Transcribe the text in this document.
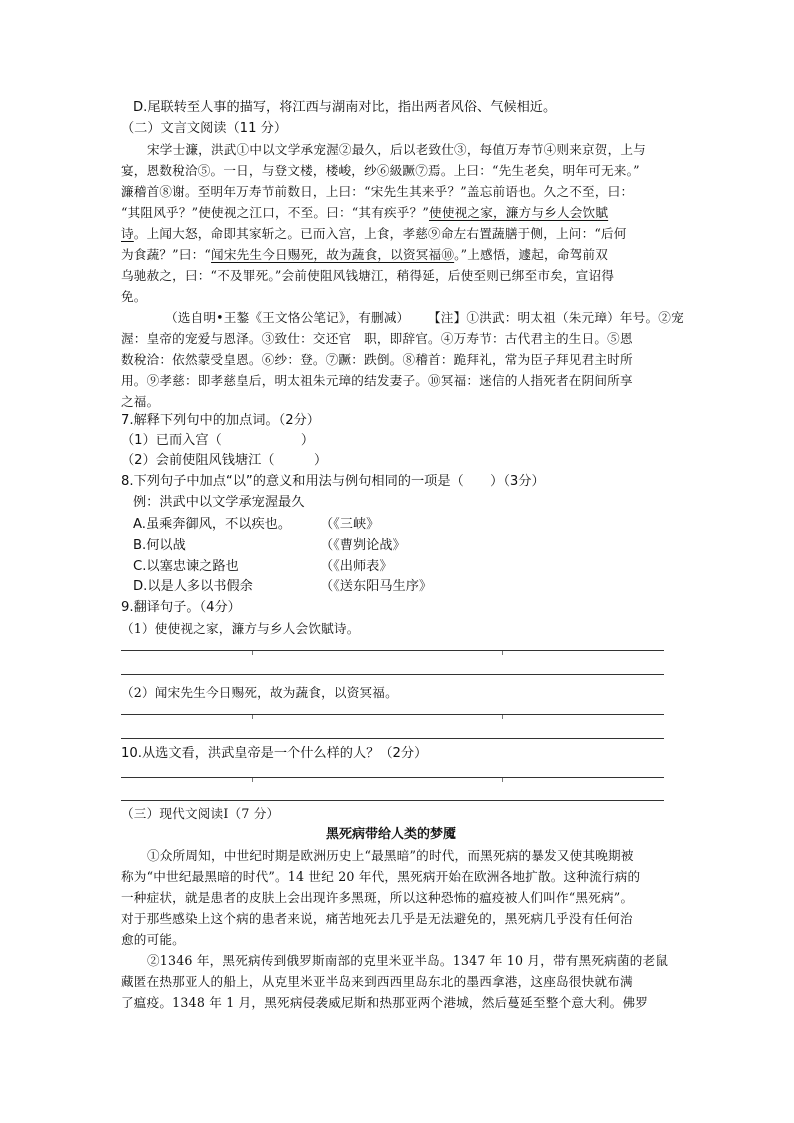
D.尾联转至人事的描写，将江西与湖南对比，指出两者风俗、气候相近。
（二）文言文阅读（11 分）
宋学士濂，洪武①中以文学承宠渥②最久，后以老致仕③，每值万寿节④则来京贺，上与
宴，恩数稅洽⑤。一日，与登文楼，楼峻，纱⑥級蹶⑦焉。上曰：“先生老矣，明年可无来。”
濂稽首⑧谢。至明年万寿节前数日，上曰：“宋先生其来乎？”盖忘前语也。久之不至，曰：
“其阻风乎？”使使视之江口，不至。曰：“其有疾乎？”使使视之家，濂方与乡人会饮賦
诗。上闻大怒，命即其家斩之。已而入宫，上食，孝慈⑨命左右置蔬膳于侧，上问：“后何
为食蔬？”曰：“闻宋先生今日赐死，故为蔬食，以资冥福⑩。”上感悟，遽起，命驾前双
乌驰赦之，曰：“不及罪死。”会前使阻风钱塘江，稍得延，后使至则已绑至市矣，宣诏得
免。
（选自明•王鏊《王文恪公笔记》，有删减） 【注】①洪武：明太祖（朱元璋）年号。②宠
渥：皇帝的宠爱与恩泽。③致仕：交还官　职，即辞官。④万寿节：古代君主的生日。⑤恩
数稅洽：依然蒙受皇恩。⑥纱：登。⑦蹶：跌倒。⑧稽首：跪拜礼，常为臣子拜见君主时所
用。⑨孝慈：即孝慈皇后，明太祖朱元璋的结发妻子。⑩冥福：迷信的人指死者在阴间所享
之福。
7.解释下列句中的加点词。（2分）
（1）已而入宫（　　　　　　）
（2）会前使阻风钱塘江（　　　）
8.下列句子中加点“以”的意义和用法与例句相同的一项是（　　）（3分）
例：洪武中以文学承宠渥最久
A.虽乘奔御风，不以疾也。 （《三峡》
B.何以战	（《曹刿论战》
C.以塞忠谏之路也	（《出师表》
D.以是人多以书假余	（《送东阳马生序》
9.翻译句子。（4分）
（1）使使视之家，濂方与乡人会饮賦诗。
（2）闻宋先生今日赐死，故为蔬食，以资冥福。
10.从选文看，洪武皇帝是一个什么样的人？（2分）
（三）现代文阅读Ⅰ（7 分）
黑死病带给人类的梦魇
①众所周知，中世纪时期是欧洲历史上“最黑暗”的时代，而黑死病的暴发又使其晚期被
称为“中世纪最黑暗的时代”。14 世纪 20 年代，黑死病开始在欧洲各地扩散。这种流行病的
一种症状，就是患者的皮肤上会出现许多黑斑，所以这种恐怖的瘟疫被人们叫作“黑死病”。
对于那些感染上这个病的患者来说，痛苦地死去几乎是无法避免的，黑死病几乎没有任何治
愈的可能。
②1346 年，黑死病传到俄罗斯南部的克里米亚半岛。1347 年 10 月，带有黑死病菌的老鼠
藏匿在热那亚人的船上，从克里米亚半岛来到西西里岛东北的墨西拿港，这座岛很快就布满
了瘟疫。1348 年 1 月，黑死病侵袭威尼斯和热那亚两个港城，然后蔓延至整个意大利。佛罗
